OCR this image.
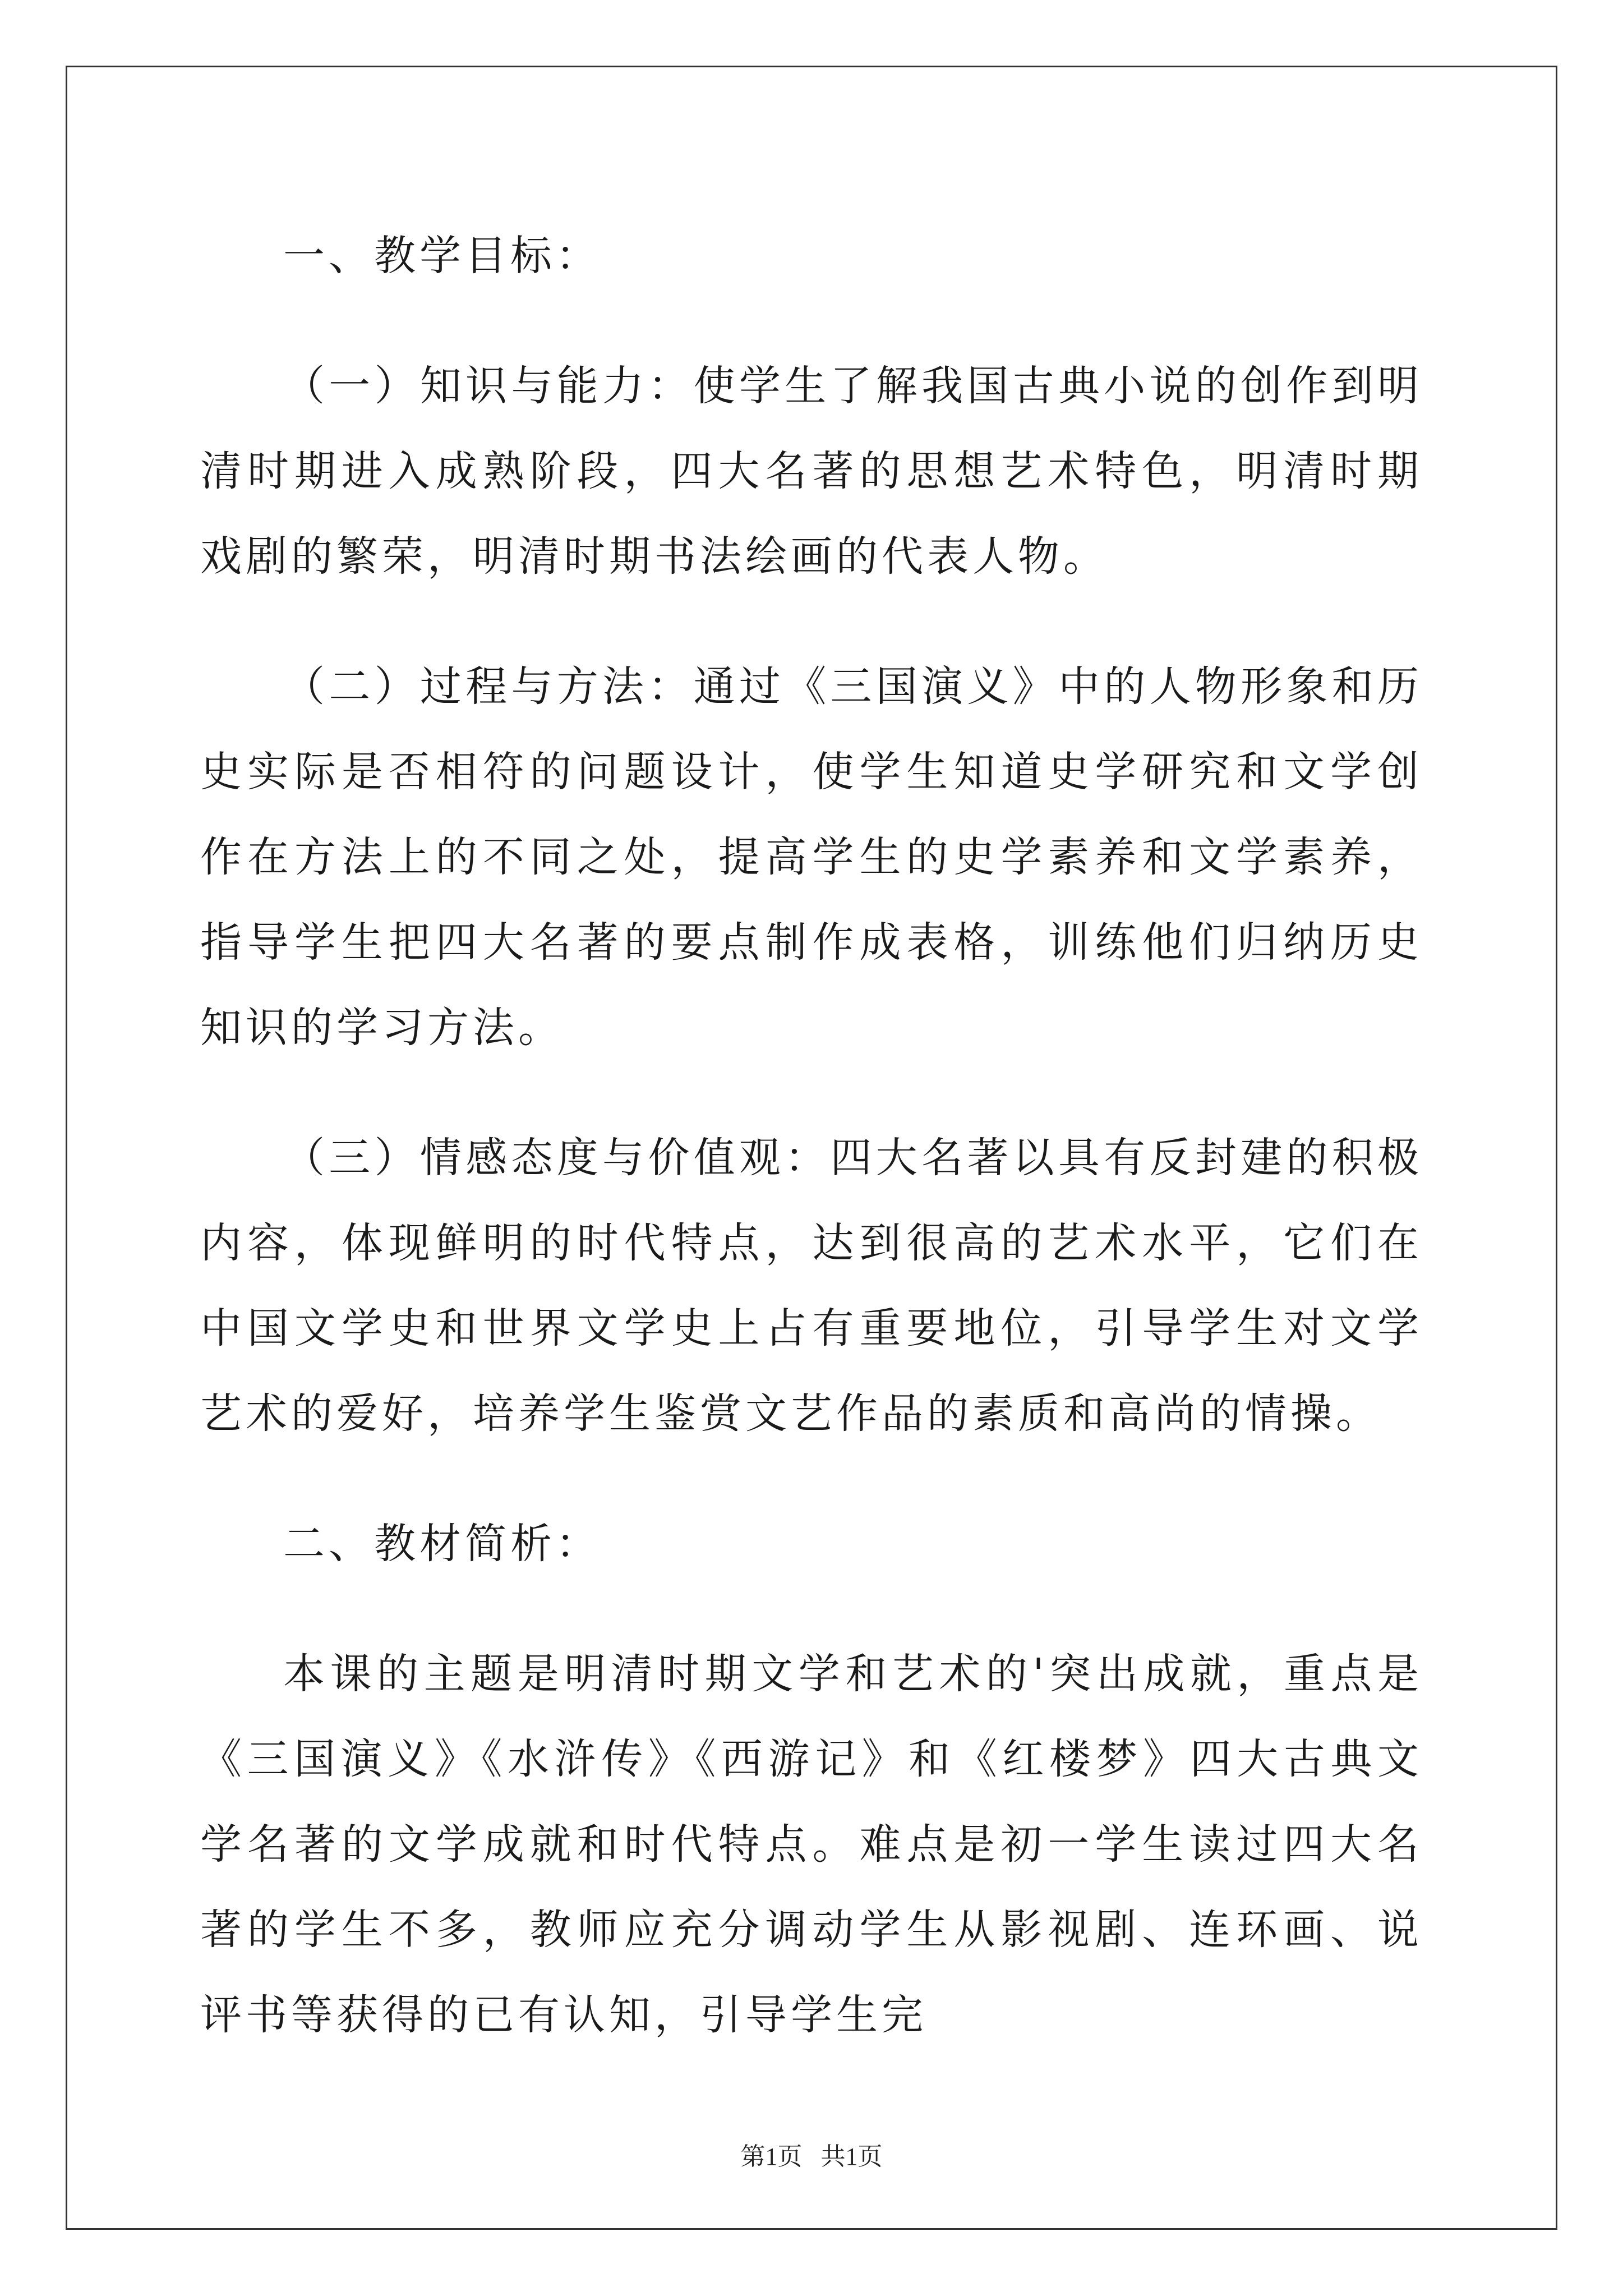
一、教学目标：

（一）知识与能力：使学生了解我国古典小说的创作到明清时期进入成熟阶段，四大名著的思想艺术特色，明清时期戏剧的繁荣，明清时期书法绘画的代表人物。

（二）过程与方法：通过《三国演义》中的人物形象和历史实际是否相符的问题设计，使学生知道史学研究和文学创作在方法上的不同之处，提高学生的史学素养和文学素养，指导学生把四大名著的要点制作成表格，训练他们归纳历史知识的学习方法。

（三）情感态度与价值观：四大名著以具有反封建的积极内容，体现鲜明的时代特点，达到很高的艺术水平，它们在中国文学史和世界文学史上占有重要地位，引导学生对文学艺术的爱好，培养学生鉴赏文艺作品的素质和高尚的情操。

二、教材简析：

本课的主题是明清时期文学和艺术的'突出成就，重点是《三国演义》《水浒传》《西游记》和《红楼梦》四大古典文学名著的文学成就和时代特点。难点是初一学生读过四大名著的学生不多，教师应充分调动学生从影视剧、连环画、说评书等获得的已有认知，引导学生完

第1页   共1页
